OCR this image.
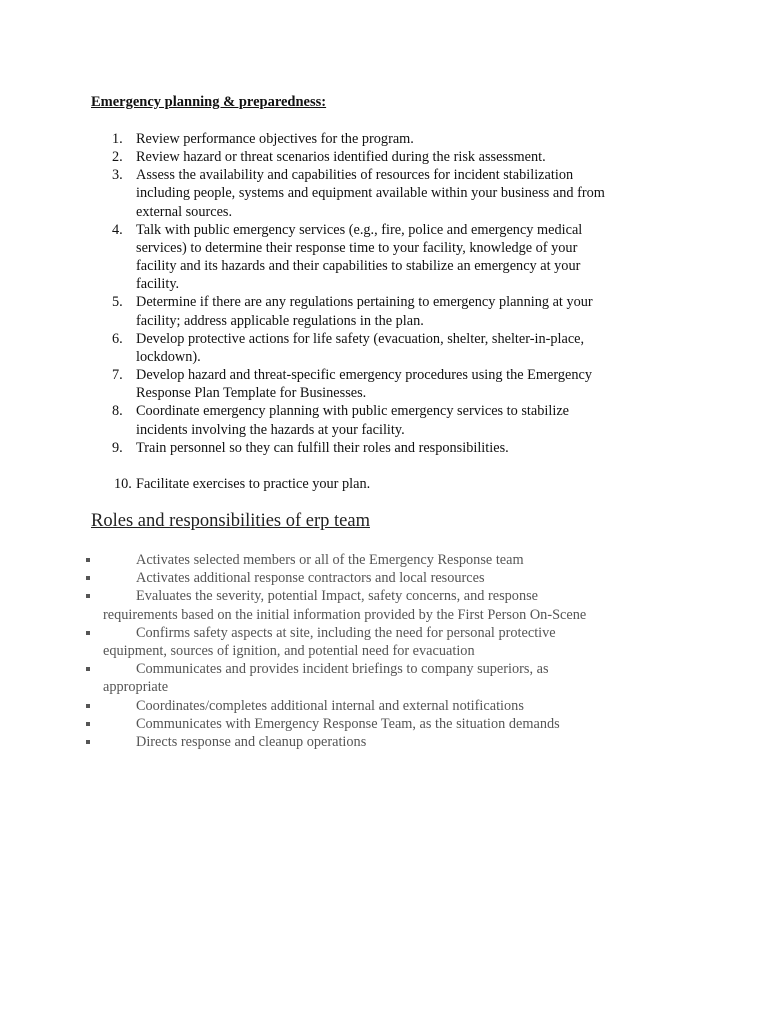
Emergency planning & preparedness:
1. Review performance objectives for the program.
2. Review hazard or threat scenarios identified during the risk assessment.
3. Assess the availability and capabilities of resources for incident stabilization
including people, systems and equipment available within your business and from
external sources.
4. Talk with public emergency services (e.g., fire, police and emergency medical
services) to determine their response time to your facility, knowledge of your
facility and its hazards and their capabilities to stabilize an emergency at your
facility.
5. Determine if there are any regulations pertaining to emergency planning at your
facility; address applicable regulations in the plan.
6. Develop protective actions for life safety (evacuation, shelter, shelter-in-place,
lockdown).
7. Develop hazard and threat-specific emergency procedures using the Emergency
Response Plan Template for Businesses.
8. Coordinate emergency planning with public emergency services to stabilize
incidents involving the hazards at your facility.
9. Train personnel so they can fulfill their roles and responsibilities.
10. Facilitate exercises to practice your plan.
Roles and responsibilities of erp team
Activates selected members or all of the Emergency Response team
Activates additional response contractors and local resources
Evaluates the severity, potential Impact, safety concerns, and response
requirements based on the initial information provided by the First Person On-Scene
Confirms safety aspects at site, including the need for personal protective
equipment, sources of ignition, and potential need for evacuation
Communicates and provides incident briefings to company superiors, as
appropriate
Coordinates/completes additional internal and external notifications
Communicates with Emergency Response Team, as the situation demands
Directs response and cleanup operations
